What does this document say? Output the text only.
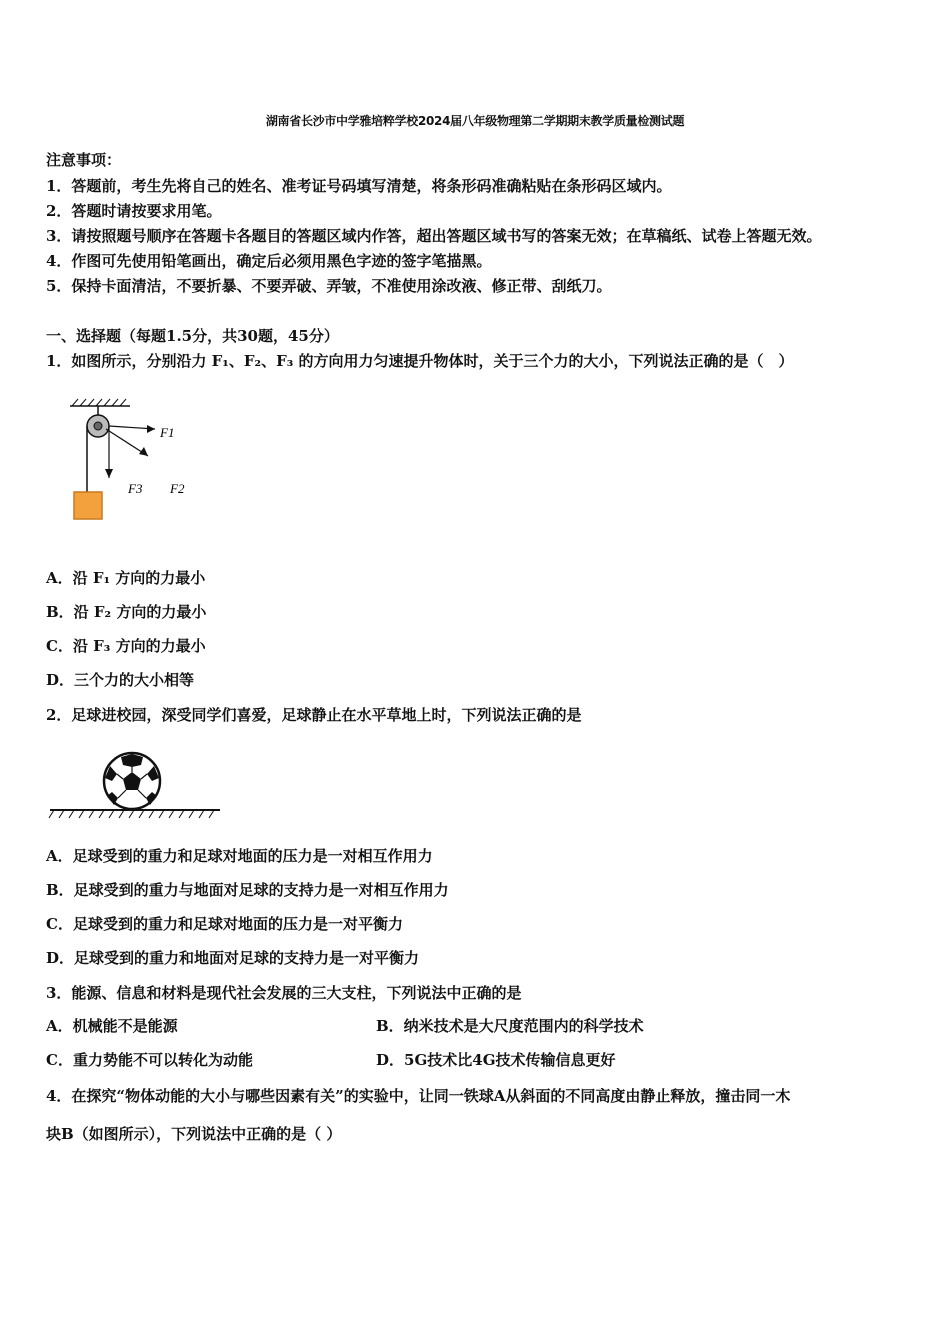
湖南省长沙市中学雅培粹学校2024届八年级物理第二学期期末教学质量检测试题
注意事项：
1．答题前，考生先将自己的姓名、准考证号码填写清楚，将条形码准确粘贴在条形码区域内。
2．答题时请按要求用笔。
3．请按照题号顺序在答题卡各题目的答题区域内作答，超出答题区域书写的答案无效；在草稿纸、试卷上答题无效。
4．作图可先使用铅笔画出，确定后必须用黑色字迹的签字笔描黑。
5．保持卡面清洁，不要折暴、不要弄破、弄皱，不准使用涂改液、修正带、刮纸刀。
一、选择题（每题1.5分，共30题，45分）
1．如图所示，分别沿力 F₁、F₂、F₃ 的方向用力匀速提升物体时，关于三个力的大小，下列说法正确的是（　）
F1
F3 F2
A．沿 F₁ 方向的力最小
B．沿 F₂ 方向的力最小
C．沿 F₃ 方向的力最小
D．三个力的大小相等
2．足球进校园，深受同学们喜爱，足球静止在水平草地上时，下列说法正确的是
A．足球受到的重力和足球对地面的压力是一对相互作用力
B．足球受到的重力与地面对足球的支持力是一对相互作用力
C．足球受到的重力和足球对地面的压力是一对平衡力
D．足球受到的重力和地面对足球的支持力是一对平衡力
3．能源、信息和材料是现代社会发展的三大支柱，下列说法中正确的是
A．机械能不是能源	B．纳米技术是大尺度范围内的科学技术
C．重力势能不可以转化为动能	D．5G技术比4G技术传输信息更好
4．在探究“物体动能的大小与哪些因素有关”的实验中，让同一铁球A从斜面的不同高度由静止释放，撞击同一木
块B（如图所示），下列说法中正确的是（ ）
